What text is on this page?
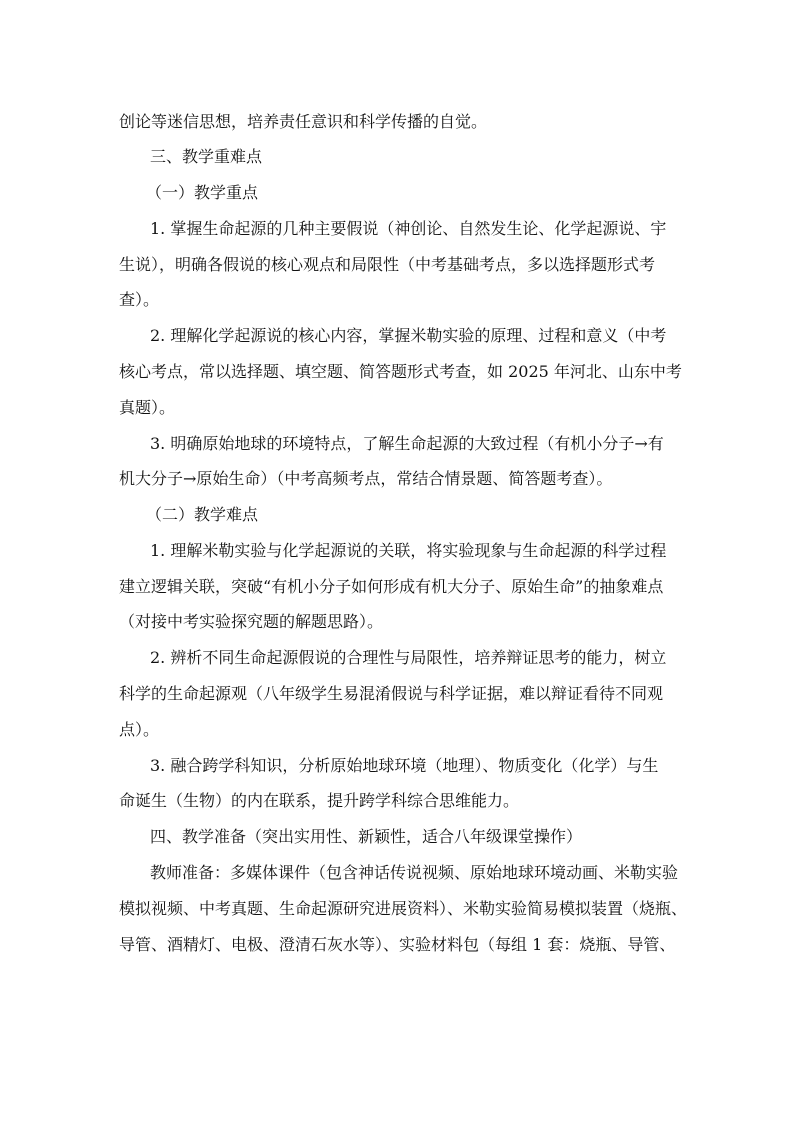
创论等迷信思想，培养责任意识和科学传播的自觉。
三、教学重难点
（一）教学重点
1. 掌握生命起源的几种主要假说（神创论、自然发生论、化学起源说、宇
生说），明确各假说的核心观点和局限性（中考基础考点，多以选择题形式考
查）。
2. 理解化学起源说的核心内容，掌握米勒实验的原理、过程和意义（中考
核心考点，常以选择题、填空题、简答题形式考查，如 2025 年河北、山东中考
真题）。
3. 明确原始地球的环境特点，了解生命起源的大致过程（有机小分子→有
机大分子→原始生命）（中考高频考点，常结合情景题、简答题考查）。
（二）教学难点
1. 理解米勒实验与化学起源说的关联，将实验现象与生命起源的科学过程
建立逻辑关联，突破“有机小分子如何形成有机大分子、原始生命”的抽象难点
（对接中考实验探究题的解题思路）。
2. 辨析不同生命起源假说的合理性与局限性，培养辩证思考的能力，树立
科学的生命起源观（八年级学生易混淆假说与科学证据，难以辩证看待不同观
点）。
3. 融合跨学科知识，分析原始地球环境（地理）、物质变化（化学）与生
命诞生（生物）的内在联系，提升跨学科综合思维能力。
四、教学准备（突出实用性、新颖性，适合八年级课堂操作）
教师准备：多媒体课件（包含神话传说视频、原始地球环境动画、米勒实验
模拟视频、中考真题、生命起源研究进展资料）、米勒实验简易模拟装置（烧瓶、
导管、酒精灯、电极、澄清石灰水等）、实验材料包（每组 1 套：烧瓶、导管、
